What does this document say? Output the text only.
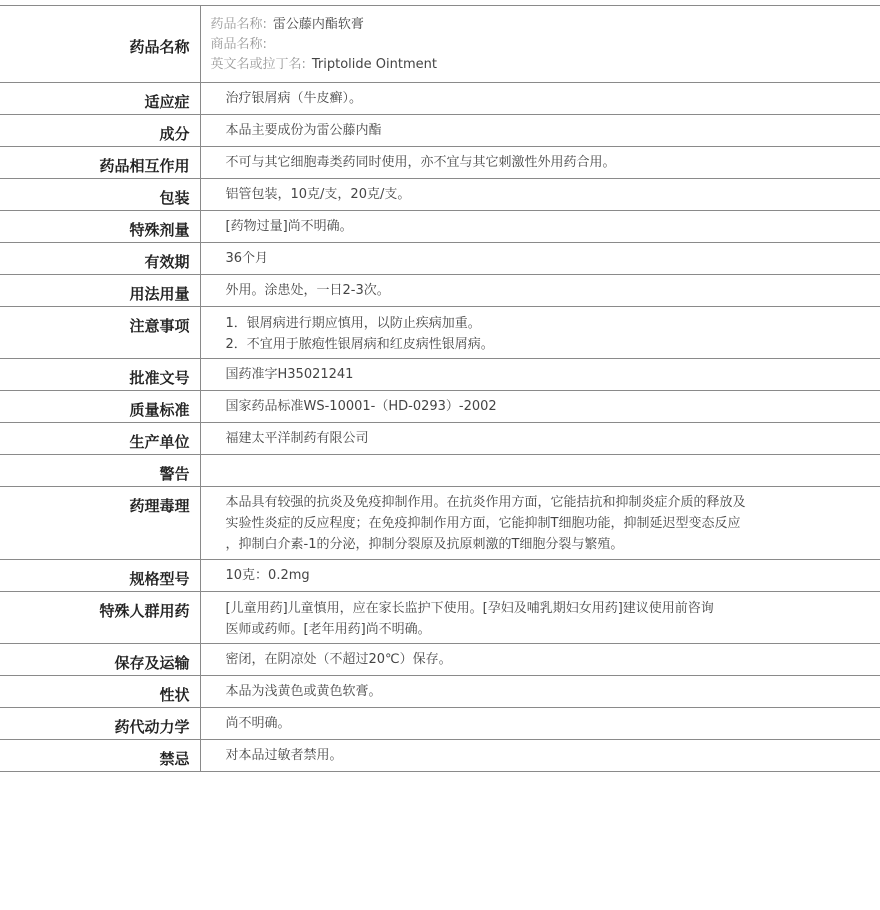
药品名称	药品名称: 雷公藤内酯软膏
商品名称:
英文名或拉丁名: Triptolide Ointment

适应症	治疗银屑病（牛皮癣）。

成分	本品主要成份为雷公藤内酯

药品相互作用	不可与其它细胞毒类药同时使用，亦不宜与其它刺激性外用药合用。

包装	铝管包装，10克/支，20克/支。

特殊剂量	[药物过量]尚不明确。

有效期	36个月

用法用量	外用。涂患处，一日2-3次。

注意事项	1．银屑病进行期应慎用，以防止疾病加重。
2．不宜用于脓疱性银屑病和红皮病性银屑病。

批准文号	国药准字H35021241

质量标准	国家药品标准WS-10001-（HD-0293）-2002

生产单位	福建太平洋制药有限公司

警告	
药理毒理	本品具有较强的抗炎及免疫抑制作用。在抗炎作用方面，它能拮抗和抑制炎症介质的释放及
实验性炎症的反应程度；在免疫抑制作用方面，它能抑制T细胞功能，抑制延迟型变态反应
，抑制白介素-1的分泌，抑制分裂原及抗原刺激的T细胞分裂与繁殖。

规格型号	10克：0.2mg

特殊人群用药	[儿童用药]儿童慎用，应在家长监护下使用。[孕妇及哺乳期妇女用药]建议使用前咨询
医师或药师。[老年用药]尚不明确。

保存及运输	密闭，在阴凉处（不超过20℃）保存。

性状	本品为浅黄色或黄色软膏。

药代动力学	尚不明确。

禁忌	对本品过敏者禁用。
